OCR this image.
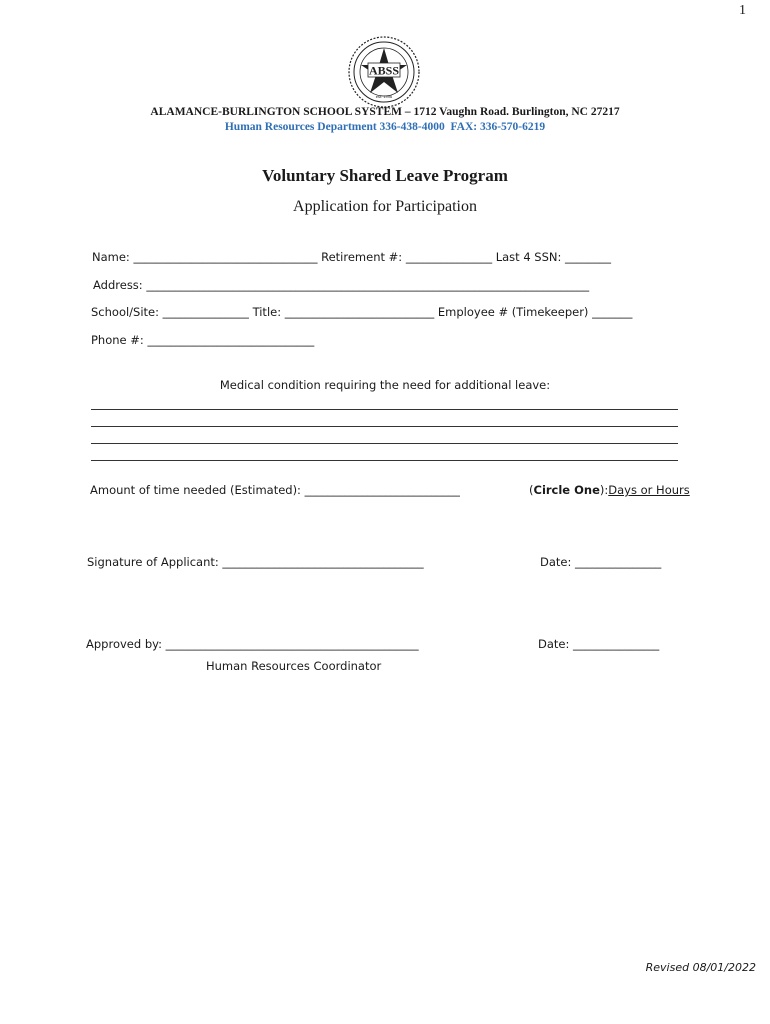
1
ABSS
est. 1996
ALAMANCE-BURLINGTON SCHOOL SYSTEM – 1712 Vaughn Road. Burlington, NC 27217
Human Resources Department 336-438-4000  FAX: 336-570-6219
Voluntary Shared Leave Program
Application for Participation
Name: ________________________________ Retirement #: _______________ Last 4 SSN: ________
Address: _____________________________________________________________________________
School/Site: _______________ Title: __________________________ Employee # (Timekeeper) _______
Phone #: _____________________________
Medical condition requiring the need for additional leave:
Amount of time needed (Estimated): ___________________________	(Circle One):Days or Hours
Signature of Applicant: ___________________________________	Date: _______________
Approved by: ____________________________________________	Date: _______________
Human Resources Coordinator
Revised 08/01/2022
